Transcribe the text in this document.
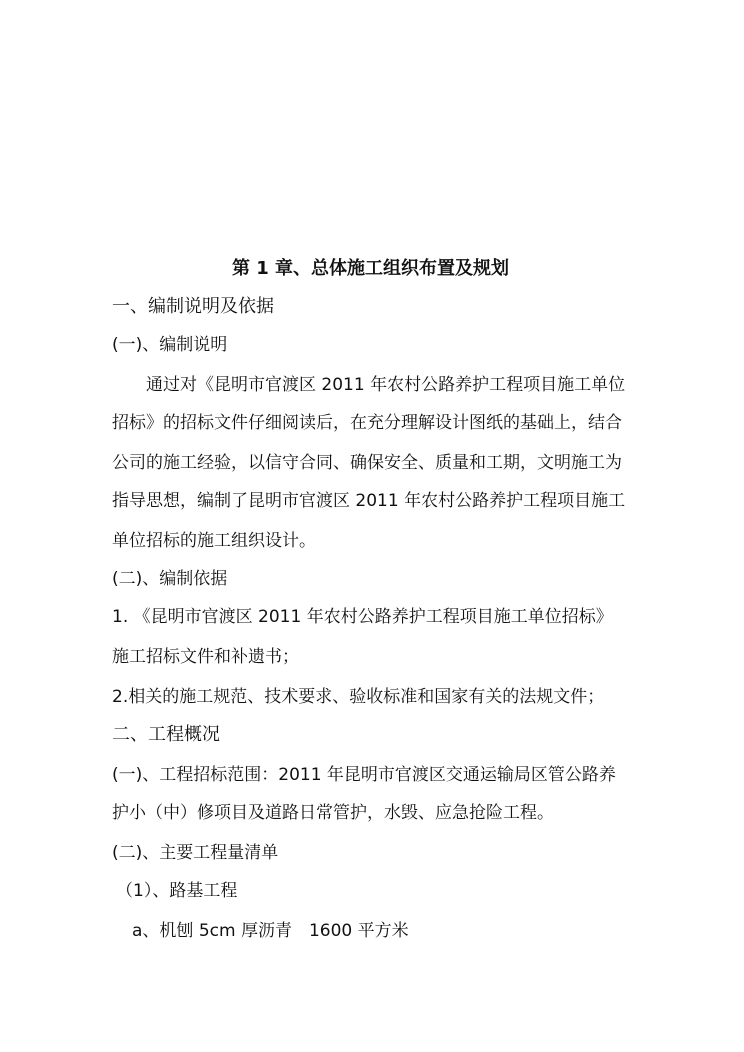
第 1 章、总体施工组织布置及规划
一、编制说明及依据
(一)、编制说明
通过对《昆明市官渡区 2011 年农村公路养护工程项目施工单位
招标》的招标文件仔细阅读后，在充分理解设计图纸的基础上，结合
公司的施工经验，以信守合同、确保安全、质量和工期，文明施工为
指导思想，编制了昆明市官渡区 2011 年农村公路养护工程项目施工
单位招标的施工组织设计。
(二)、编制依据
1. 《昆明市官渡区 2011 年农村公路养护工程项目施工单位招标》
施工招标文件和补遗书；
2.相关的施工规范、技术要求、验收标准和国家有关的法规文件；
二、工程概况
(一)、工程招标范围：2011 年昆明市官渡区交通运输局区管公路养
护小（中）修项目及道路日常管护，水毁、应急抢险工程。
(二)、主要工程量清单
（1）、路基工程
a、机刨 5cm 厚沥青　1600 平方米
